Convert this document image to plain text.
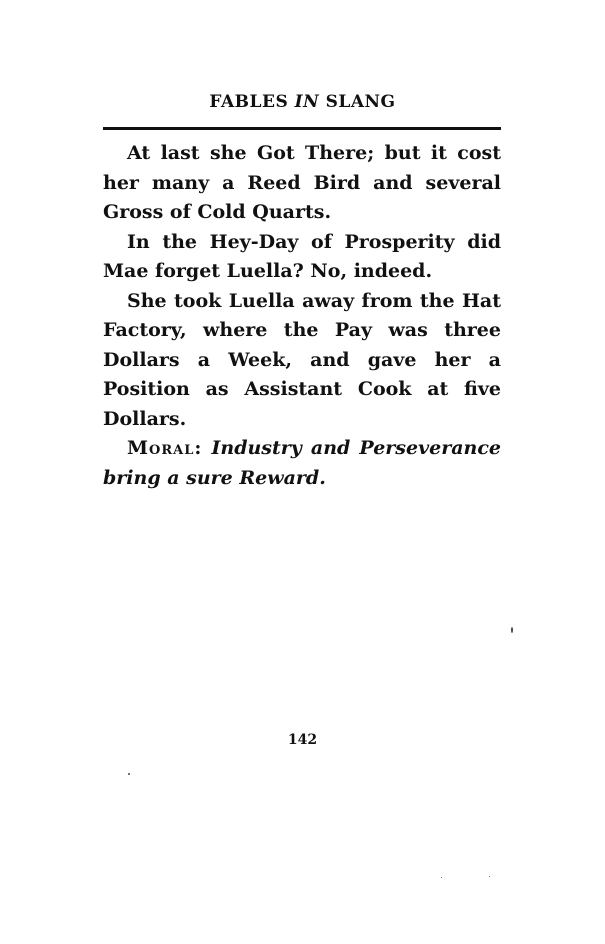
FABLES IN SLANG

At last she Got There; but it cost her many a Reed Bird and several Gross of Cold Quarts.

In the Hey-Day of Prosperity did Mae forget Luella? No, indeed.

She took Luella away from the Hat Factory, where the Pay was three Dollars a Week, and gave her a Position as Assistant Cook at five Dollars.

Moral: Industry and Perseverance bring a sure Reward.

142
